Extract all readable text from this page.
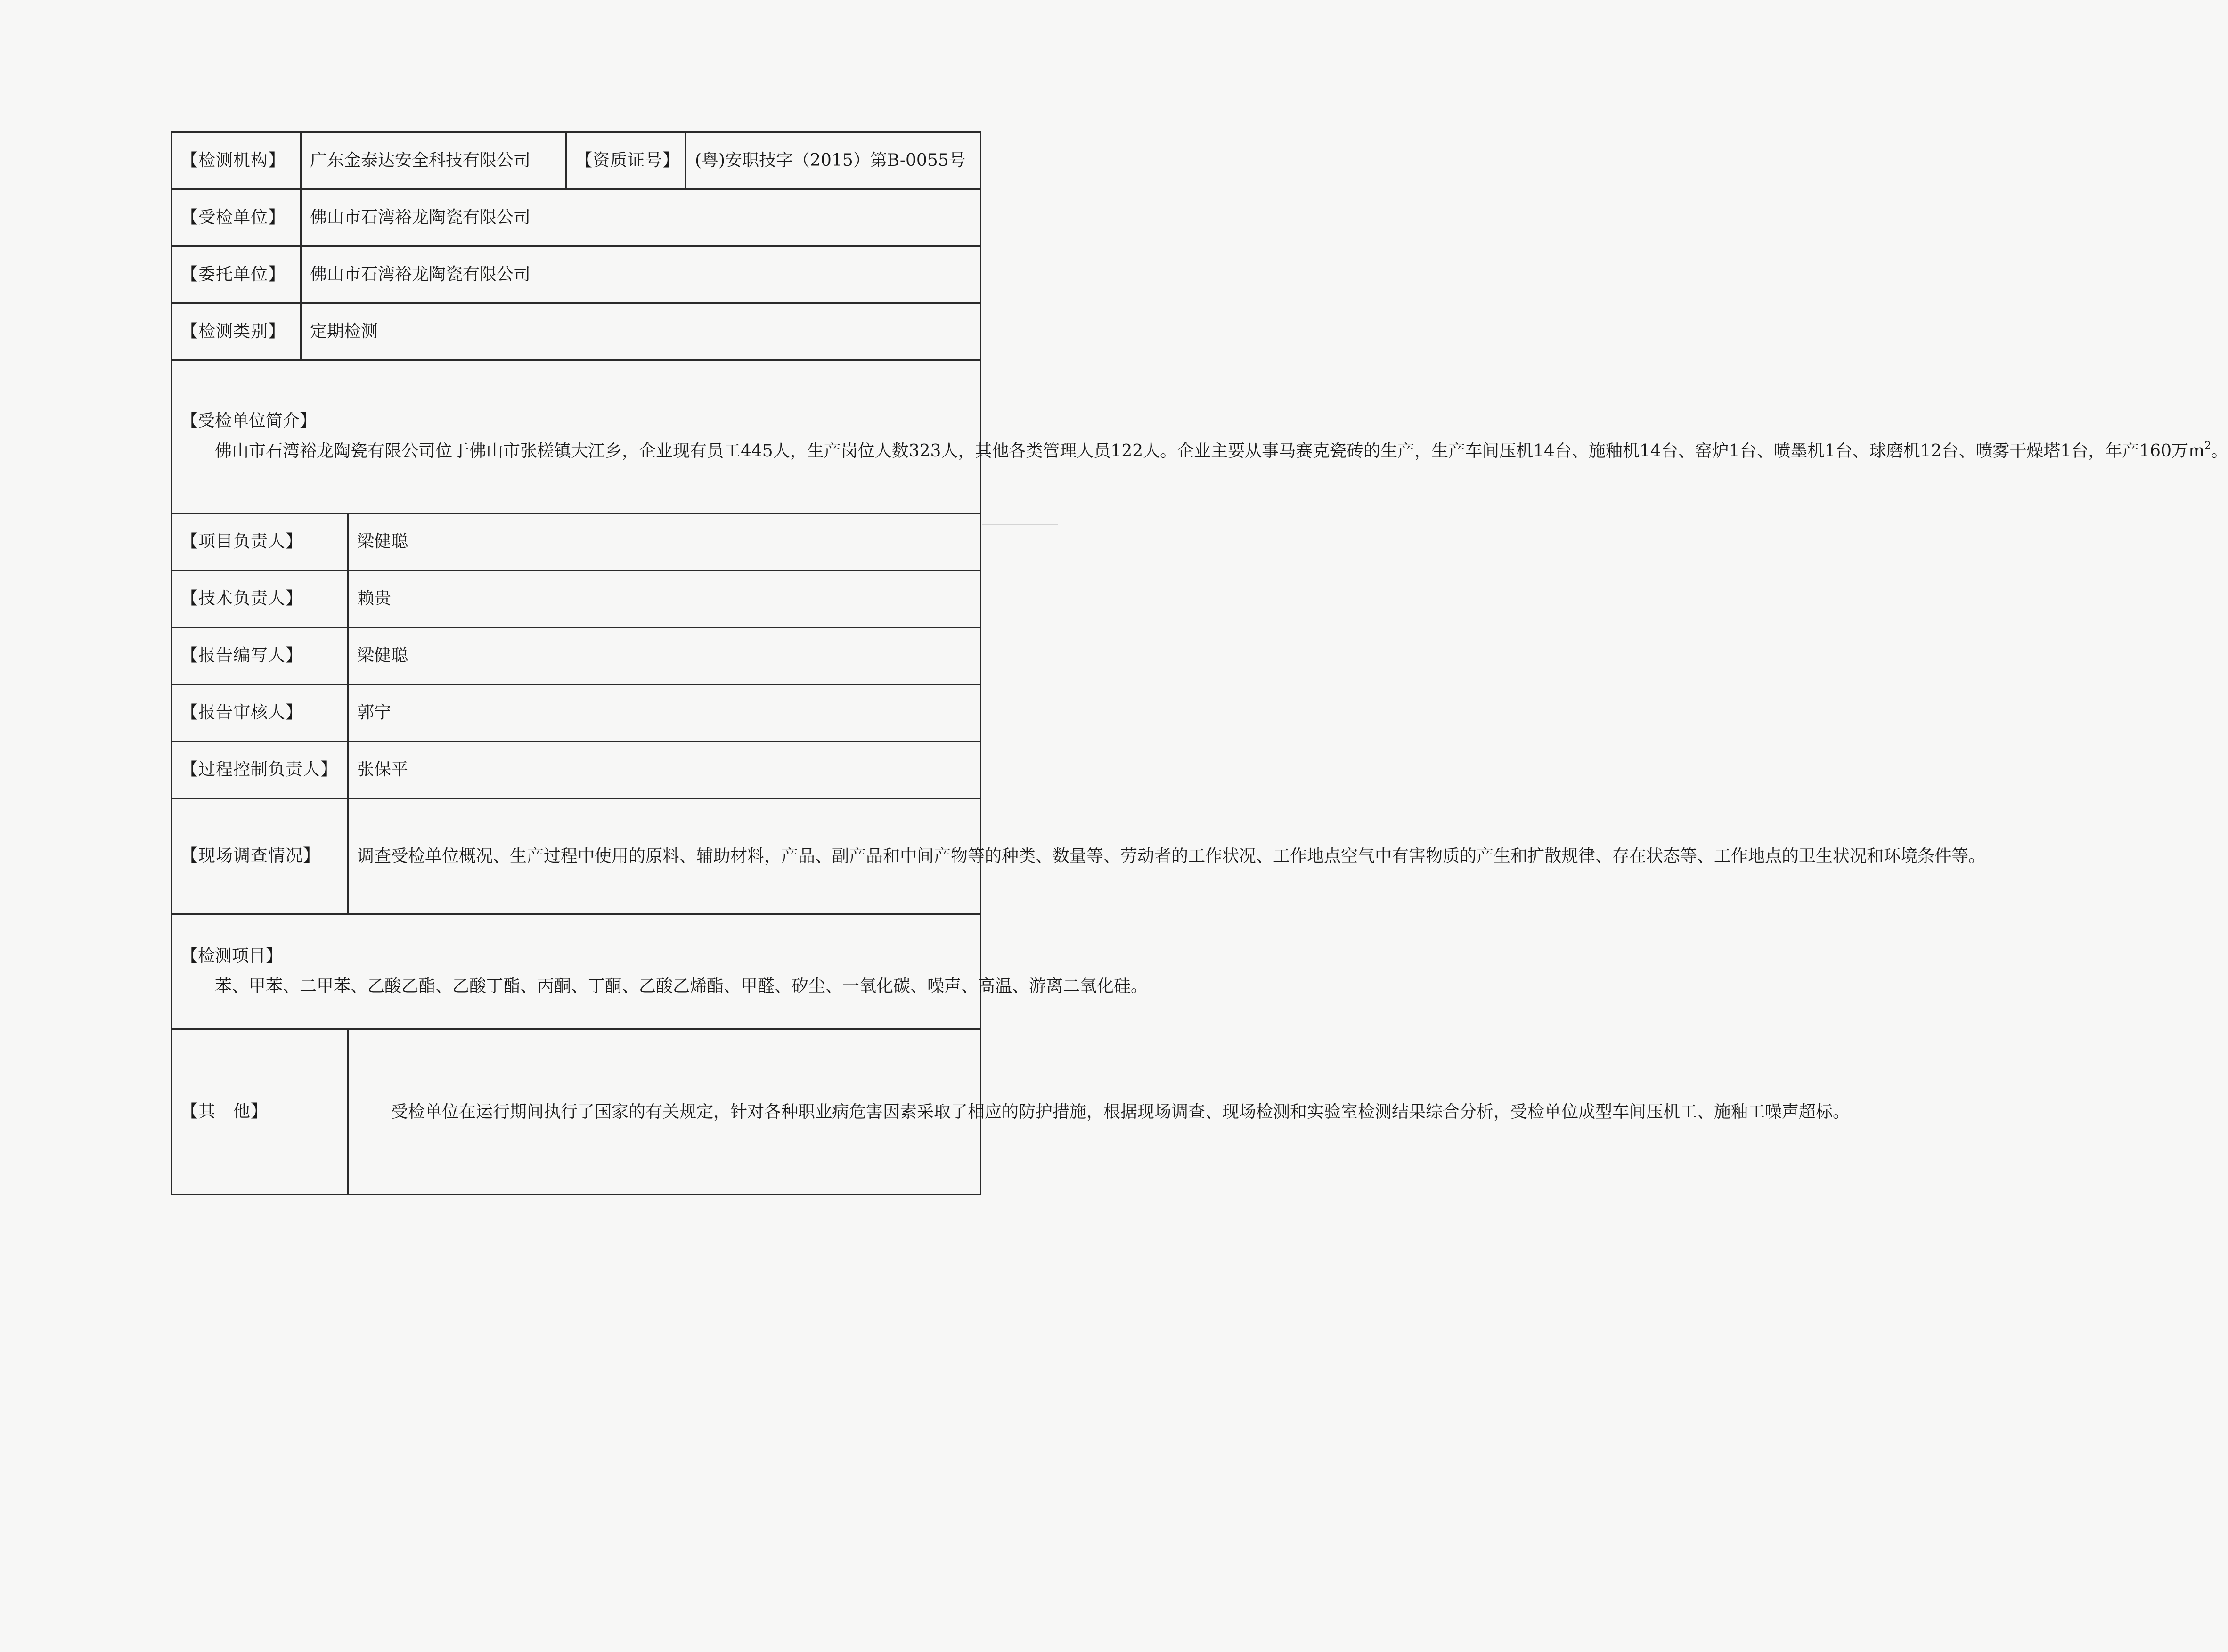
【检测机构】	广东金泰达安全科技有限公司		【资质证号】	(粤)安职技字（2015）第B-0055号
【受检单位】	佛山市石湾裕龙陶瓷有限公司			
【委托单位】	佛山市石湾裕龙陶瓷有限公司			
【检测类别】	定期检测			

【受检单位简介】
佛山市石湾裕龙陶瓷有限公司位于佛山市张槎镇大江乡，企业现有员工445人，生产岗位人数323人，其他各类管理人员122人。企业主要从事马赛克瓷砖的生产，生产车间压机14台、施釉机14台、窑炉1台、喷墨机1台、球磨机12台、喷雾干燥塔1台，年产160万$m^2$。				

【项目负责人】		梁健聪		
【技术负责人】		赖贵		
【报告编写人】		梁健聪		
【报告审核人】		郭宁		
【过程控制负责人】		张保平		
【现场调查情况】		调查受检单位概况、生产过程中使用的原料、辅助材料，产品、副产品和中间产物等的种类、数量等、劳动者的工作状况、工作地点空气中有害物质的产生和扩散规律、存在状态等、工作地点的卫生状况和环境条件等。		

【检测项目】
苯、甲苯、二甲苯、乙酸乙酯、乙酸丁酯、丙酮、丁酮、乙酸乙烯酯、甲醛、矽尘、一氧化碳、噪声、高温、游离二氧化硅。				

【其　他】		受检单位在运行期间执行了国家的有关规定，针对各种职业病危害因素采取了相应的防护措施，根据现场调查、现场检测和实验室检测结果综合分析，受检单位成型车间压机工、施釉工噪声超标。		
